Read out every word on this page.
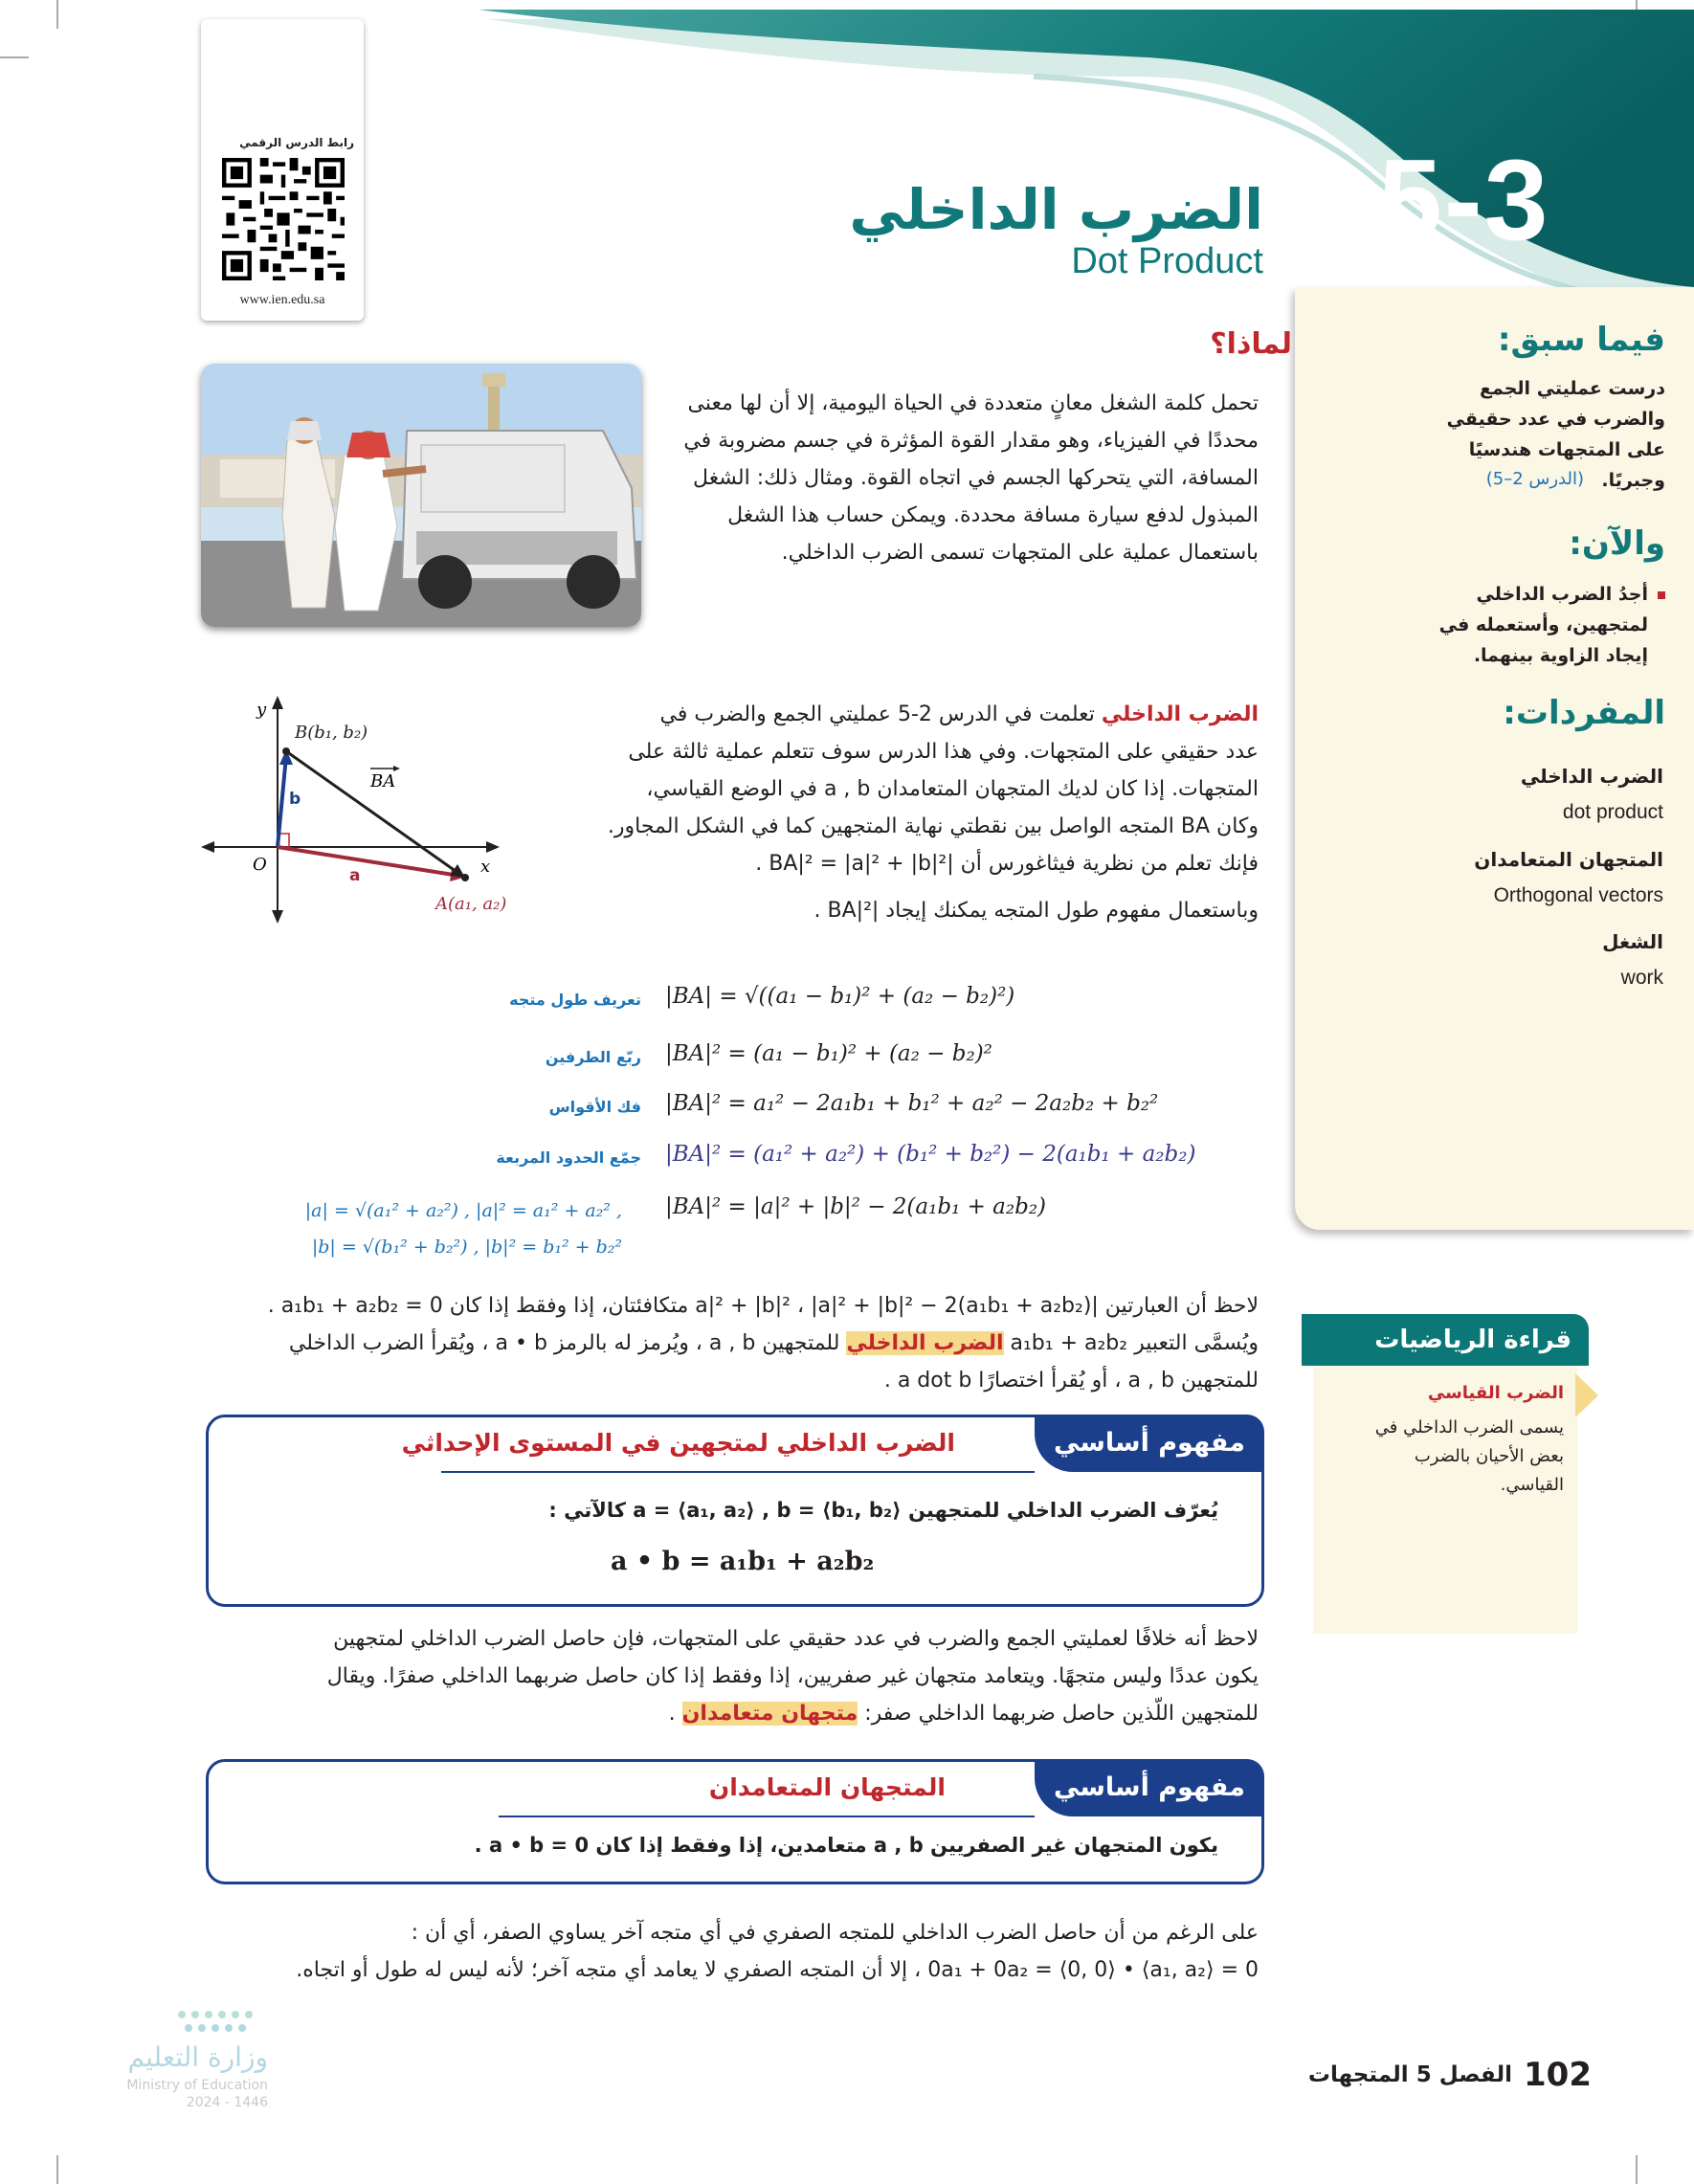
5-3
الضرب الداخلي
Dot Product
رابط الدرس الرقمي
www.ien.edu.sa
فيما سبق:
درست عمليتي الجمع والضرب في عدد حقيقي على المتجهات هندسيًا وجبريًا.
(الدرس 2–5)
والآن:
أجدُ الضرب الداخلي لمتجهين، وأستعمله في إيجاد الزاوية بينهما.
المفردات:
الضرب الداخلي
dot product
المتجهان المتعامدان
Orthogonal vectors
الشغل
work
لماذا؟
تحمل كلمة الشغل معانٍ متعددة في الحياة اليومية، إلا أن لها معنى محددًا في الفيزياء، وهو مقدار القوة المؤثرة في جسم مضروبة في المسافة، التي يتحركها الجسم في اتجاه القوة. ومثال ذلك: الشغل المبذول لدفع سيارة مسافة محددة. ويمكن حساب هذا الشغل باستعمال عملية على المتجهات تسمى الضرب الداخلي.
الضرب الداخلي تعلمت في الدرس 2-5 عمليتي الجمع والضرب في
عدد حقيقي على المتجهات. وفي هذا الدرس سوف تتعلم عملية ثالثة على
المتجهات. إذا كان لديك المتجهان المتعامدان a , b في الوضع القياسي،
وكان BA المتجه الواصل بين نقطتي نهاية المتجهين كما في الشكل المجاور.
فإنك تعلم من نظرية فيثاغورس أن |BA|² = |a|² + |b|² .
وباستعمال مفهوم طول المتجه يمكنك إيجاد |BA|² .
y
x
O
B(b₁, b₂)
A(a₁, a₂)
b
a
BA
تعريف طول متجه |BA| = √((a₁ − b₁)² + (a₂ − b₂)²)
ربّع الطرفين |BA|² = (a₁ − b₁)² + (a₂ − b₂)²
فك الأقواس |BA|² = a₁² − 2a₁b₁ + b₁² + a₂² − 2a₂b₂ + b₂²
جمّع الحدود المربعة |BA|² = (a₁² + a₂²) + (b₁² + b₂²) − 2(a₁b₁ + a₂b₂)
|a| = √(a₁² + a₂²) , |a|² = a₁² + a₂² , |BA|² = |a|² + |b|² − 2(a₁b₁ + a₂b₂)
|b| = √(b₁² + b₂²) , |b|² = b₁² + b₂²
لاحظ أن العبارتين |a|² + |b|² ، |a|² + |b|² − 2(a₁b₁ + a₂b₂) متكافئتان، إذا وفقط إذا كان 0 = a₁b₁ + a₂b₂ .
ويُسمَّى التعبير a₁b₁ + a₂b₂ الضرب الداخلي للمتجهين a , b ، ويُرمز له بالرمز a • b ، ويُقرأ الضرب الداخلي
للمتجهين a , b ، أو يُقرأ اختصارًا a dot b .
قراءة الرياضيات
الضرب القياسي
يسمى الضرب الداخلي في بعض الأحيان بالضرب القياسي.
مفهوم أساسي
الضرب الداخلي لمتجهين في المستوى الإحداثي
يُعرّف الضرب الداخلي للمتجهين a = ⟨a₁, a₂⟩ , b = ⟨b₁, b₂⟩ كالآتي :
a • b = a₁b₁ + a₂b₂
لاحظ أنه خلافًا لعمليتي الجمع والضرب في عدد حقيقي على المتجهات، فإن حاصل الضرب الداخلي لمتجهين
يكون عددًا وليس متجهًا. ويتعامد متجهان غير صفريين، إذا وفقط إذا كان حاصل ضربهما الداخلي صفرًا. ويقال
للمتجهين اللّذين حاصل ضربهما الداخلي صفر: متجهان متعامدان .
مفهوم أساسي
المتجهان المتعامدان
يكون المتجهان غير الصفريين a , b متعامدين، إذا وفقط إذا كان 0 = a • b .
على الرغم من أن حاصل الضرب الداخلي للمتجه الصفري في أي متجه آخر يساوي الصفر، أي أن :
0 = 0a₁ + 0a₂ = ⟨0, 0⟩ • ⟨a₁, a₂⟩ ، إلا أن المتجه الصفري لا يعامد أي متجه آخر؛ لأنه ليس له طول أو اتجاه.
وزارة التعليم
Ministry of Education
2024 - 1446
102
الفصل 5 المتجهات
